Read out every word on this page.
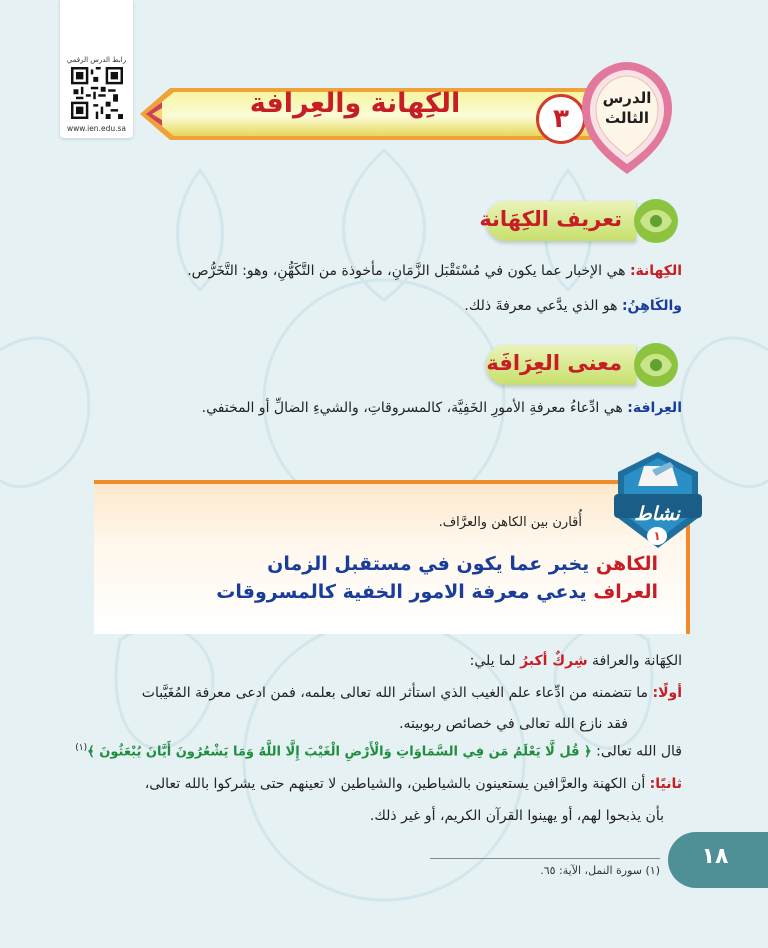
رابط الدرس الرقمي
www.ien.edu.sa
الكِهانة والعِرافة	٣
الدرس
الثالث
تعريف الكِهَانة
الكِهانة: هي الإخبار عما يكون في مُسْتَقْبَل الزَّمَانِ، مأخوذة من التَّكَهُّنِ، وهو: التَّخَرُّص.
والكَاهِنُ: هو الذي يدَّعي معرفةَ ذلك.
معنى العِرَافَة
العِرافة: هي ادِّعاءُ معرفةِ الأمورِ الخَفِيَّة، كالمسروقاتِ، والشيءِ الضالِّ أو المختفي.
نشاط
١
أُقارن بين الكاهن والعرَّاف.
الكاهن يخبر عما يكون في مستقبل الزمان
العراف يدعي معرفة الامور الخفية كالمسروقات
الكِهَانة والعرافة شِركٌ أكبرُ لما يلي:
أولًا: ما تتضمنه من ادِّعاء علم الغيب الذي استأثر الله تعالى بعلمه، فمن ادعى معرفة المُغَيَّبات
فقد نازع الله تعالى في خصائص ربوبيته.
قال الله تعالى: ﴿ قُل لَّا يَعْلَمُ مَن فِي السَّمَاوَاتِ وَالْأَرْضِ الْغَيْبَ إِلَّا اللَّهُ وَمَا يَشْعُرُونَ أَيَّانَ يُبْعَثُونَ ﴾$^{(١)}$
ثانيًا: أن الكهنة والعرَّافين يستعينون بالشياطين، والشياطين لا تعينهم حتى يشركوا بالله تعالى،
بأن يذبحوا لهم، أو يهينوا القرآن الكريم، أو غير ذلك.
(١) سورة النمل، الآية: ٦٥.
١٨
